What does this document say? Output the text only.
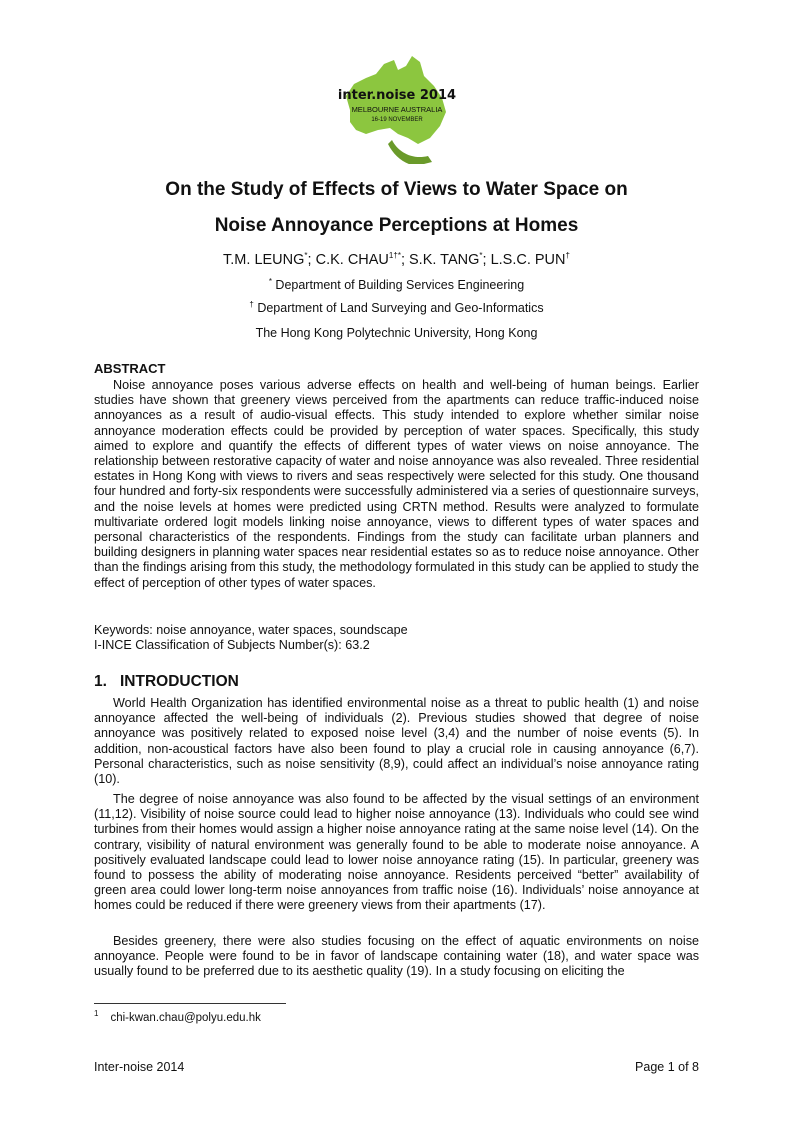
inter.noise 2014
MELBOURNE AUSTRALIA
16-19 NOVEMBER
On the Study of Effects of Views to Water Space on
Noise Annoyance Perceptions at Homes
T.M. LEUNG*; C.K. $CHAU^{1\dagger*}$; S.K. TANG*; L.S.C. PUN†
* Department of Building Services Engineering
† Department of Land Surveying and Geo-Informatics
The Hong Kong Polytechnic University, Hong Kong
ABSTRACT

Noise annoyance poses various adverse effects on health and well-being of human beings. Earlier studies have shown that greenery views perceived from the apartments can reduce traffic-induced noise annoyances as a result of audio-visual effects. This study intended to explore whether similar noise annoyance moderation effects could be provided by perception of water spaces. Specifically, this study aimed to explore and quantify the effects of different types of water views on noise annoyance. The relationship between restorative capacity of water and noise annoyance was also revealed. Three residential estates in Hong Kong with views to rivers and seas respectively were selected for this study. One thousand four hundred and forty-six respondents were successfully administered via a series of questionnaire surveys, and the noise levels at homes were predicted using CRTN method. Results were analyzed to formulate multivariate ordered logit models linking noise annoyance, views to different types of water spaces and personal characteristics of the respondents. Findings from the study can facilitate urban planners and building designers in planning water spaces near residential estates so as to reduce noise annoyance. Other than the findings arising from this study, the methodology formulated in this study can be applied to study the effect of perception of other types of water spaces.

Keywords: noise annoyance, water spaces, soundscape
I-INCE Classification of Subjects Number(s): 63.2
1. INTRODUCTION

World Health Organization has identified environmental noise as a threat to public health (1) and noise annoyance affected the well-being of individuals (2). Previous studies showed that degree of noise annoyance was positively related to exposed noise level (3,4) and the number of noise events (5). In addition, non-acoustical factors have also been found to play a crucial role in causing annoyance (6,7). Personal characteristics, such as noise sensitivity (8,9), could affect an individual’s noise annoyance rating (10).

The degree of noise annoyance was also found to be affected by the visual settings of an environment (11,12). Visibility of noise source could lead to higher noise annoyance (13). Individuals who could see wind turbines from their homes would assign a higher noise annoyance rating at the same noise level (14). On the contrary, visibility of natural environment was generally found to be able to moderate noise annoyance. A positively evaluated landscape could lead to lower noise annoyance rating (15). In particular, greenery was found to possess the ability of moderating noise annoyance. Residents perceived “better” availability of green area could lower long-term noise annoyances from traffic noise (16). Individuals’ noise annoyance at homes could be reduced if there were greenery views from their apartments (17).

Besides greenery, there were also studies focusing on the effect of aquatic environments on noise annoyance. People were found to be in favor of landscape containing water (18), and water space was usually found to be preferred due to its aesthetic quality (19). In a study focusing on eliciting the

$^1$ chi-kwan.chau@polyu.edu.hk
Inter-noise 2014	Page 1 of 8
